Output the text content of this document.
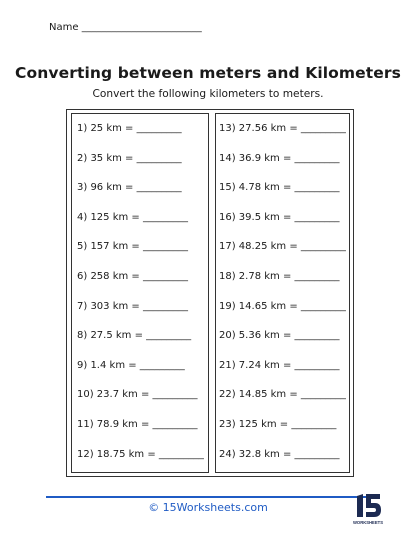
Name ________________________
Converting between meters and Kilometers
Convert the following kilometers to meters.
1) 25 km = _________
2) 35 km = _________
3) 96 km = _________
4) 125 km = _________
5) 157 km = _________
6) 258 km = _________
7) 303 km = _________
8) 27.5 km = _________
9) 1.4 km = _________
10) 23.7 km = _________
11) 78.9 km = _________
12) 18.75 km = _________
13) 27.56 km = _________
14) 36.9 km = _________
15) 4.78 km = _________
16) 39.5 km = _________
17) 48.25 km = _________
18) 2.78 km = _________
19) 14.65 km = _________
20) 5.36 km = _________
21) 7.24 km = _________
22) 14.85 km = _________
23) 125 km = _________
24) 32.8 km = _________
© 15Worksheets.com
WORKSHEETS
